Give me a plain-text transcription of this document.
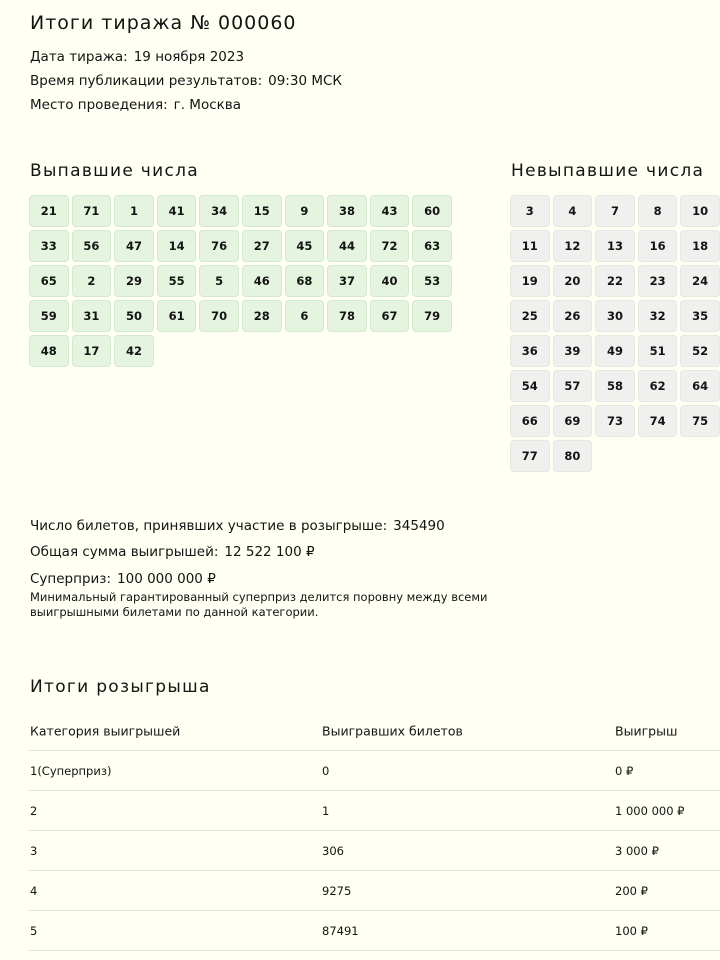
Итоги тиража № 000060
Дата тиража: 19 ноября 2023
Время публикации результатов: 09:30 МСК
Место проведения: г. Москва
Выпавшие числа	Невыпавшие числа
21	71	1	41	34	15	9	38	43	60
33	56	47	14	76	27	45	44	72	63
65	2	29	55	5	46	68	37	40	53
59	31	50	61	70	28	6	78	67	79
48	17	42
3	4	7	8	10
11	12	13	16	18
19	20	22	23	24
25	26	30	32	35
36	39	49	51	52
54	57	58	62	64
66	69	73	74	75
77	80
Число билетов, принявших участие в розыгрыше: 345490
Общая сумма выигрышей: 12 522 100 ₽
Суперприз: 100 000 000 ₽
Минимальный гарантированный суперприз делится поровну между всеми выигрышными билетами по данной категории.
Итоги розыгрыша
Категория выигрышей	Выигравших билетов	Выигрыш
1(Суперприз)	0	0 ₽
2	1	1 000 000 ₽
3	306	3 000 ₽
4	9275	200 ₽
5	87491	100 ₽
